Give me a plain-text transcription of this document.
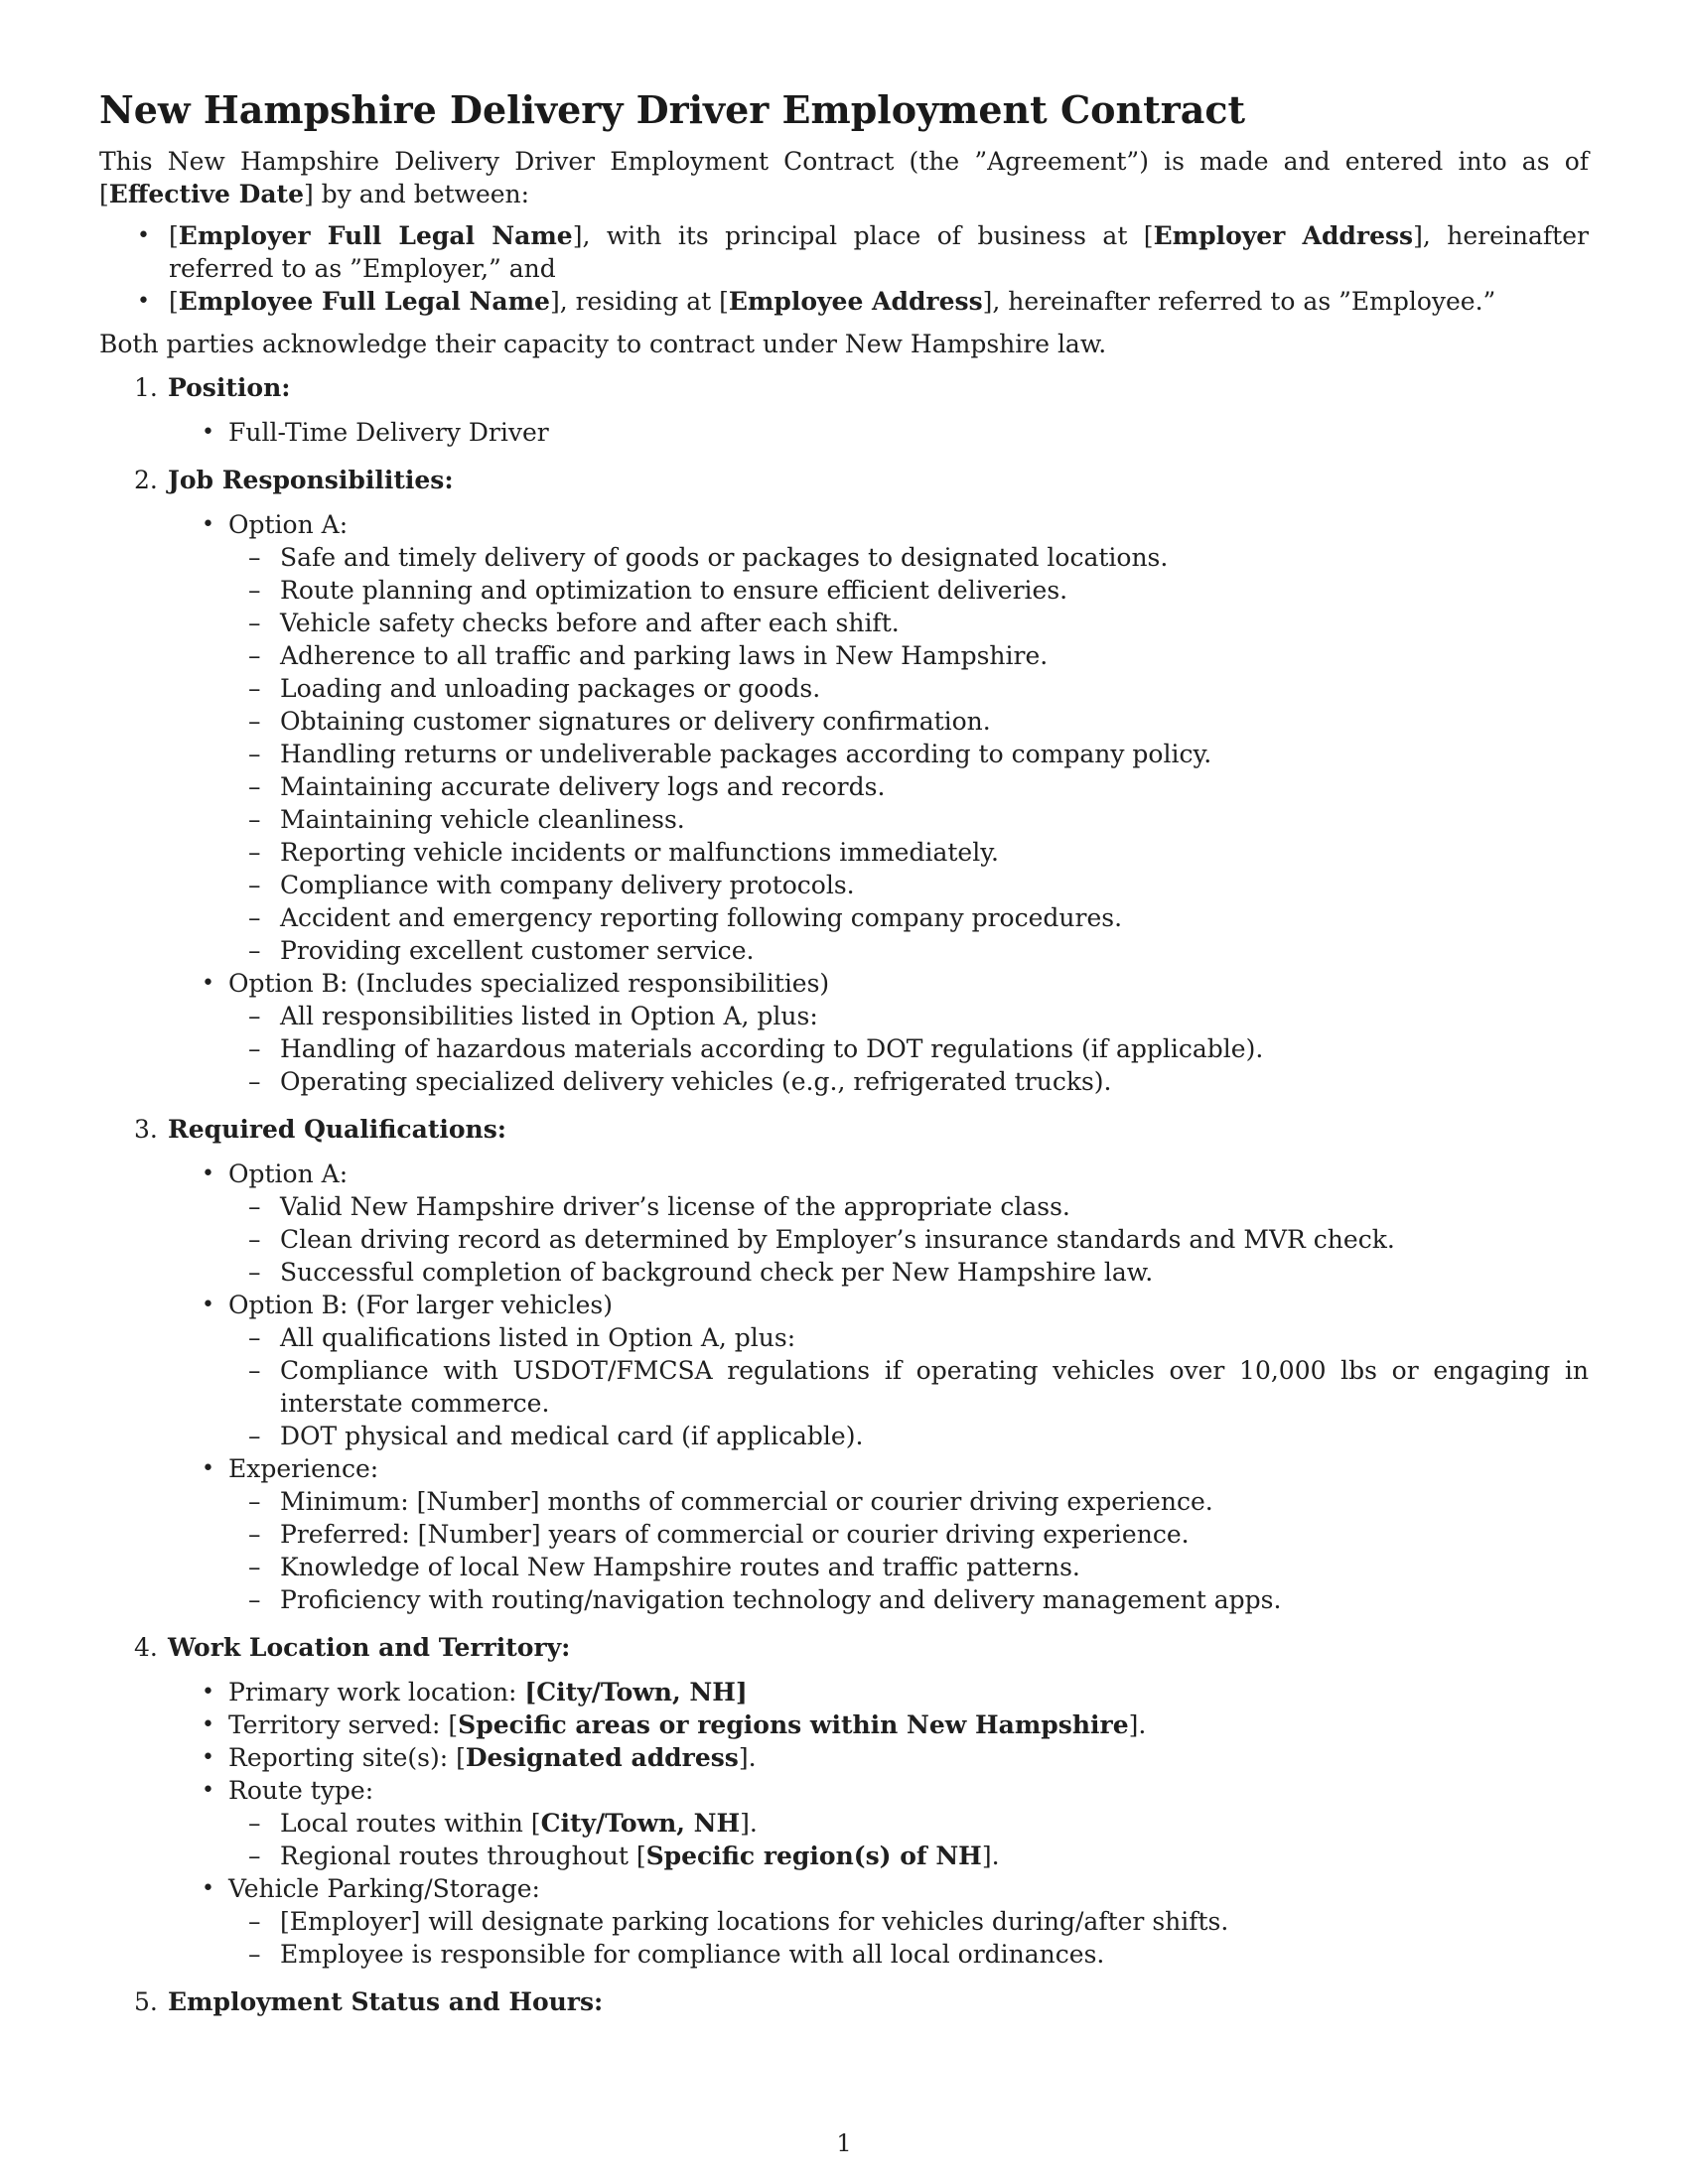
New Hampshire Delivery Driver Employment Contract

This New Hampshire Delivery Driver Employment Contract (the ”Agreement”) is made and entered into as of [Effective Date] by and between:

• [Employer Full Legal Name], with its principal place of business at [Employer Address], hereinafter referred to as ”Employer,” and
• [Employee Full Legal Name], residing at [Employee Address], hereinafter referred to as ”Employee.”

Both parties acknowledge their capacity to contract under New Hampshire law.

1. Position:
• Full-Time Delivery Driver
2. Job Responsibilities:
• Option A:
– Safe and timely delivery of goods or packages to designated locations.
– Route planning and optimization to ensure efficient deliveries.
– Vehicle safety checks before and after each shift.
– Adherence to all traffic and parking laws in New Hampshire.
– Loading and unloading packages or goods.
– Obtaining customer signatures or delivery confirmation.
– Handling returns or undeliverable packages according to company policy.
– Maintaining accurate delivery logs and records.
– Maintaining vehicle cleanliness.
– Reporting vehicle incidents or malfunctions immediately.
– Compliance with company delivery protocols.
– Accident and emergency reporting following company procedures.
– Providing excellent customer service.
• Option B: (Includes specialized responsibilities)
– All responsibilities listed in Option A, plus:
– Handling of hazardous materials according to DOT regulations (if applicable).
– Operating specialized delivery vehicles (e.g., refrigerated trucks).
3. Required Qualifications:
• Option A:
– Valid New Hampshire driver’s license of the appropriate class.
– Clean driving record as determined by Employer’s insurance standards and MVR check.
– Successful completion of background check per New Hampshire law.
• Option B: (For larger vehicles)
– All qualifications listed in Option A, plus:
– Compliance with USDOT/FMCSA regulations if operating vehicles over 10,000 lbs or engaging in interstate commerce.
– DOT physical and medical card (if applicable).
• Experience:
– Minimum: [Number] months of commercial or courier driving experience.
– Preferred: [Number] years of commercial or courier driving experience.
– Knowledge of local New Hampshire routes and traffic patterns.
– Proficiency with routing/navigation technology and delivery management apps.
4. Work Location and Territory:
• Primary work location: [City/Town, NH]
• Territory served: [Specific areas or regions within New Hampshire].
• Reporting site(s): [Designated address].
• Route type:
– Local routes within [City/Town, NH].
– Regional routes throughout [Specific region(s) of NH].
• Vehicle Parking/Storage:
– [Employer] will designate parking locations for vehicles during/after shifts.
– Employee is responsible for compliance with all local ordinances.
5. Employment Status and Hours:
1
